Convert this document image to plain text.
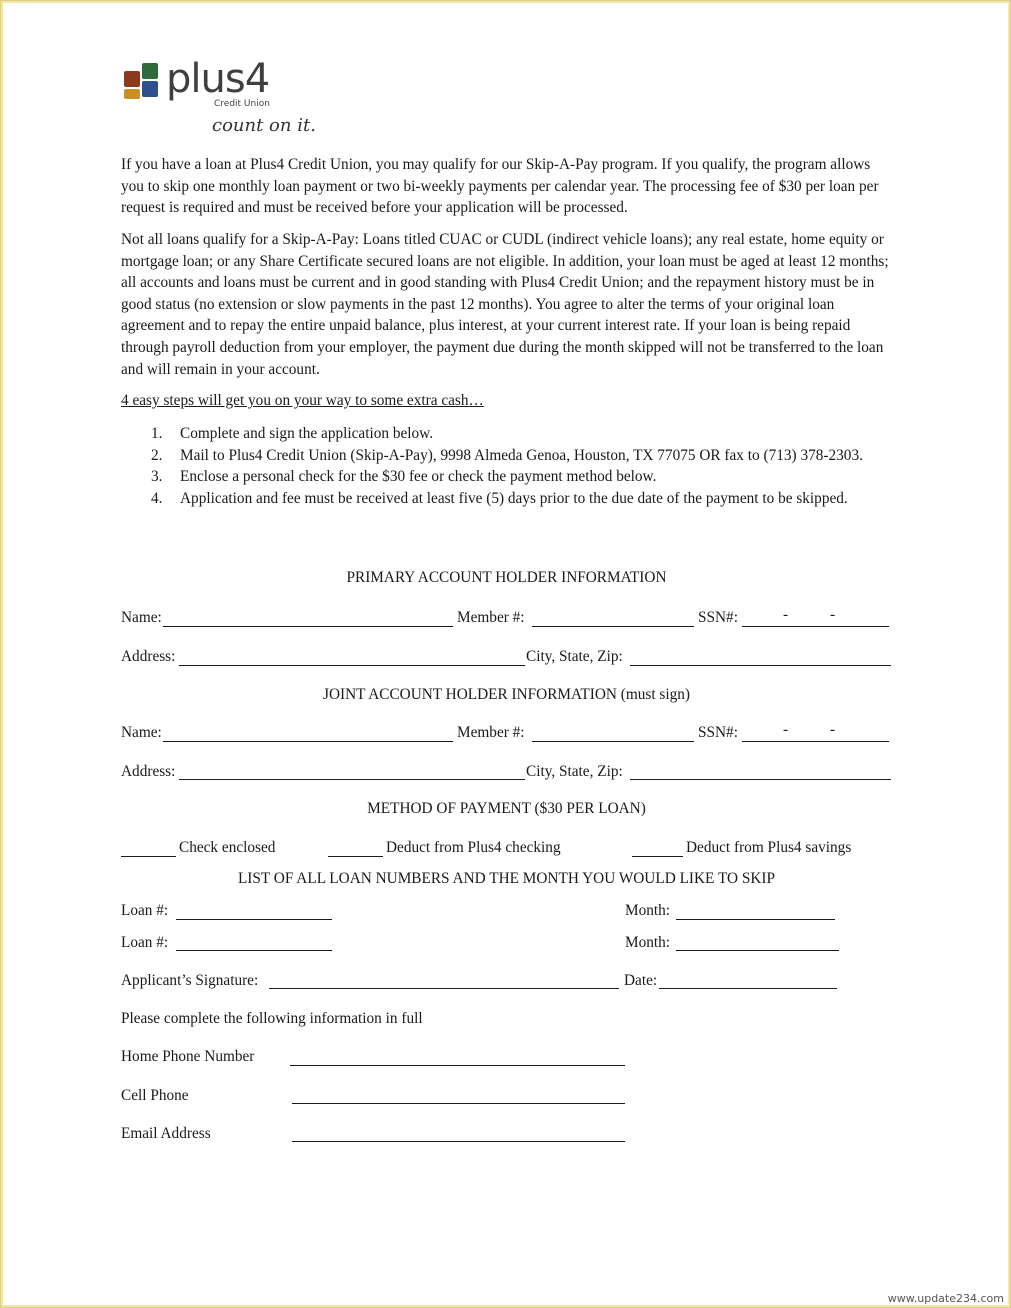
plus4
Credit Union
count on it.

If you have a loan at Plus4 Credit Union, you may qualify for our Skip-A-Pay program. If you qualify, the program allows you to skip one monthly loan payment or two bi-weekly payments per calendar year. The processing fee of $30 per loan per request is required and must be received before your application will be processed.

Not all loans qualify for a Skip-A-Pay: Loans titled CUAC or CUDL (indirect vehicle loans); any real estate, home equity or mortgage loan; or any Share Certificate secured loans are not eligible. In addition, your loan must be aged at least 12 months; all accounts and loans must be current and in good standing with Plus4 Credit Union; and the repayment history must be in good status (no extension or slow payments in the past 12 months). You agree to alter the terms of your original loan agreement and to repay the entire unpaid balance, plus interest, at your current interest rate. If your loan is being repaid through payroll deduction from your employer, the payment due during the month skipped will not be transferred to the loan and will remain in your account.

4 easy steps will get you on your way to some extra cash…

1. Complete and sign the application below.
2. Mail to Plus4 Credit Union (Skip-A-Pay), 9998 Almeda Genoa, Houston, TX 77075 OR fax to (713) 378-2303.
3. Enclose a personal check for the $30 fee or check the payment method below.
4. Application and fee must be received at least five (5) days prior to the due date of the payment to be skipped.

PRIMARY ACCOUNT HOLDER INFORMATION

Name:	Member #:	SSN#:	-	-
Address:	City, State, Zip:

JOINT ACCOUNT HOLDER INFORMATION (must sign)

Name:	Member #:	SSN#:	-	-
Address:	City, State, Zip:

METHOD OF PAYMENT ($30 PER LOAN)

Check enclosed	Deduct from Plus4 checking	Deduct from Plus4 savings

LIST OF ALL LOAN NUMBERS AND THE MONTH YOU WOULD LIKE TO SKIP

Loan #:	Month:
Loan #:	Month:
Applicant’s Signature:	Date:
Please complete the following information in full
Home Phone Number
Cell Phone
Email Address
www.update234.com
